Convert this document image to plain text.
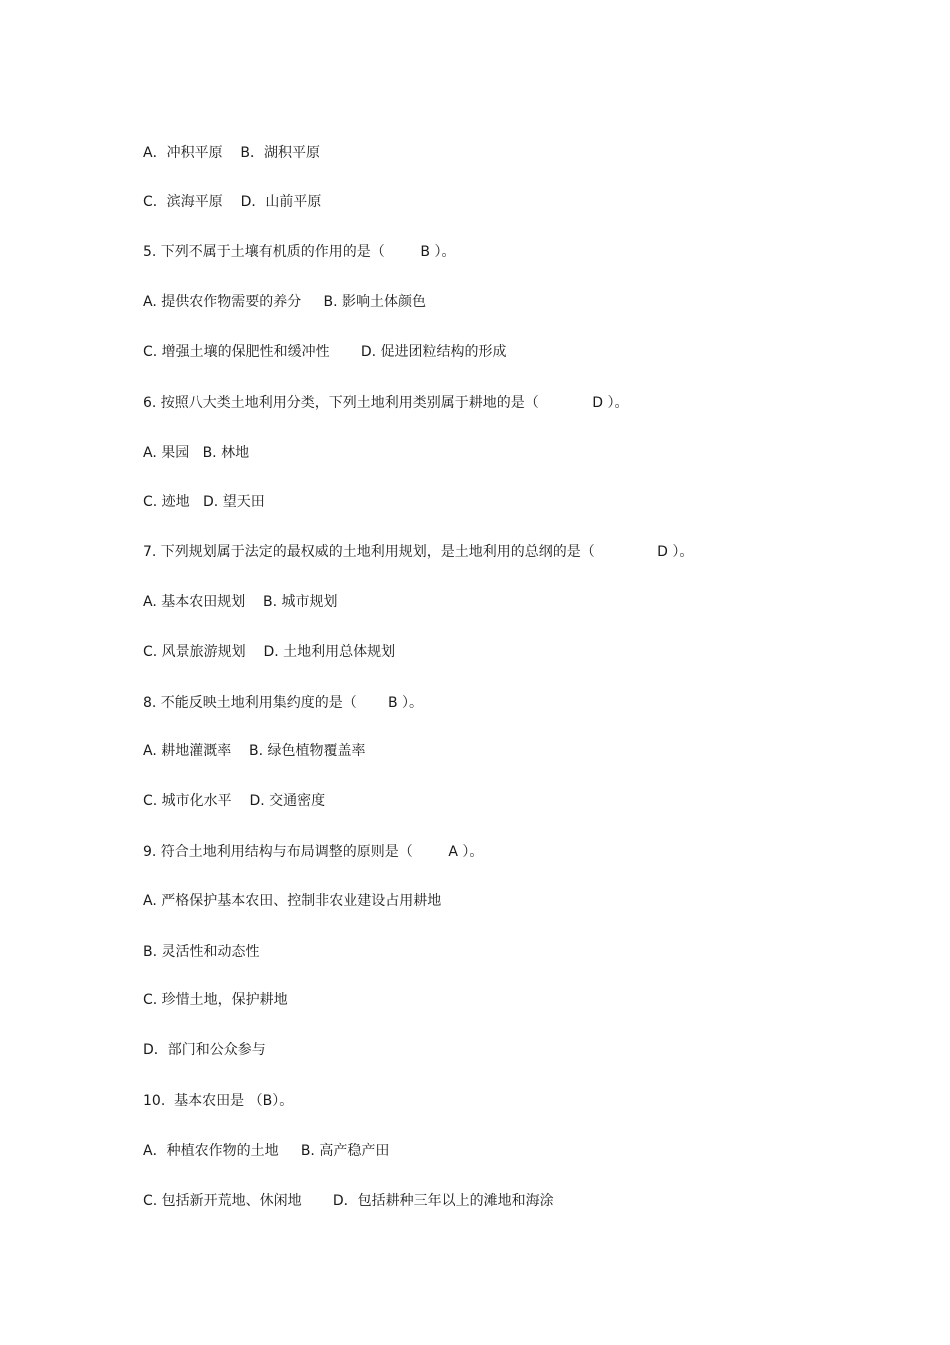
A．冲积平原    B．湖积平原
C．滨海平原    D．山前平原
5. 下列不属于土壤有机质的作用的是（        B ）。
A. 提供农作物需要的养分     B. 影响土体颜色
C. 增强土壤的保肥性和缓冲性       D. 促进团粒结构的形成
6. 按照八大类土地利用分类，下列土地利用类别属于耕地的是（            D ）。
A. 果园   B. 林地
C. 迹地   D. 望天田
7. 下列规划属于法定的最权威的土地利用规划，是土地利用的总纲的是（              D ）。
A. 基本农田规划    B. 城市规划
C. 风景旅游规划    D. 土地利用总体规划
8. 不能反映土地利用集约度的是（       B ）。
A. 耕地灌溉率    B. 绿色植物覆盖率
C. 城市化水平    D. 交通密度
9. 符合土地利用结构与布局调整的原则是（        A ）。
A. 严格保护基本农田、控制非农业建设占用耕地
B. 灵活性和动态性
C. 珍惜土地，保护耕地
D．部门和公众参与
10.  基本农田是 （B）。
A．种植农作物的土地     B. 高产稳产田
C. 包括新开荒地、休闲地       D．包括耕种三年以上的滩地和海涂
